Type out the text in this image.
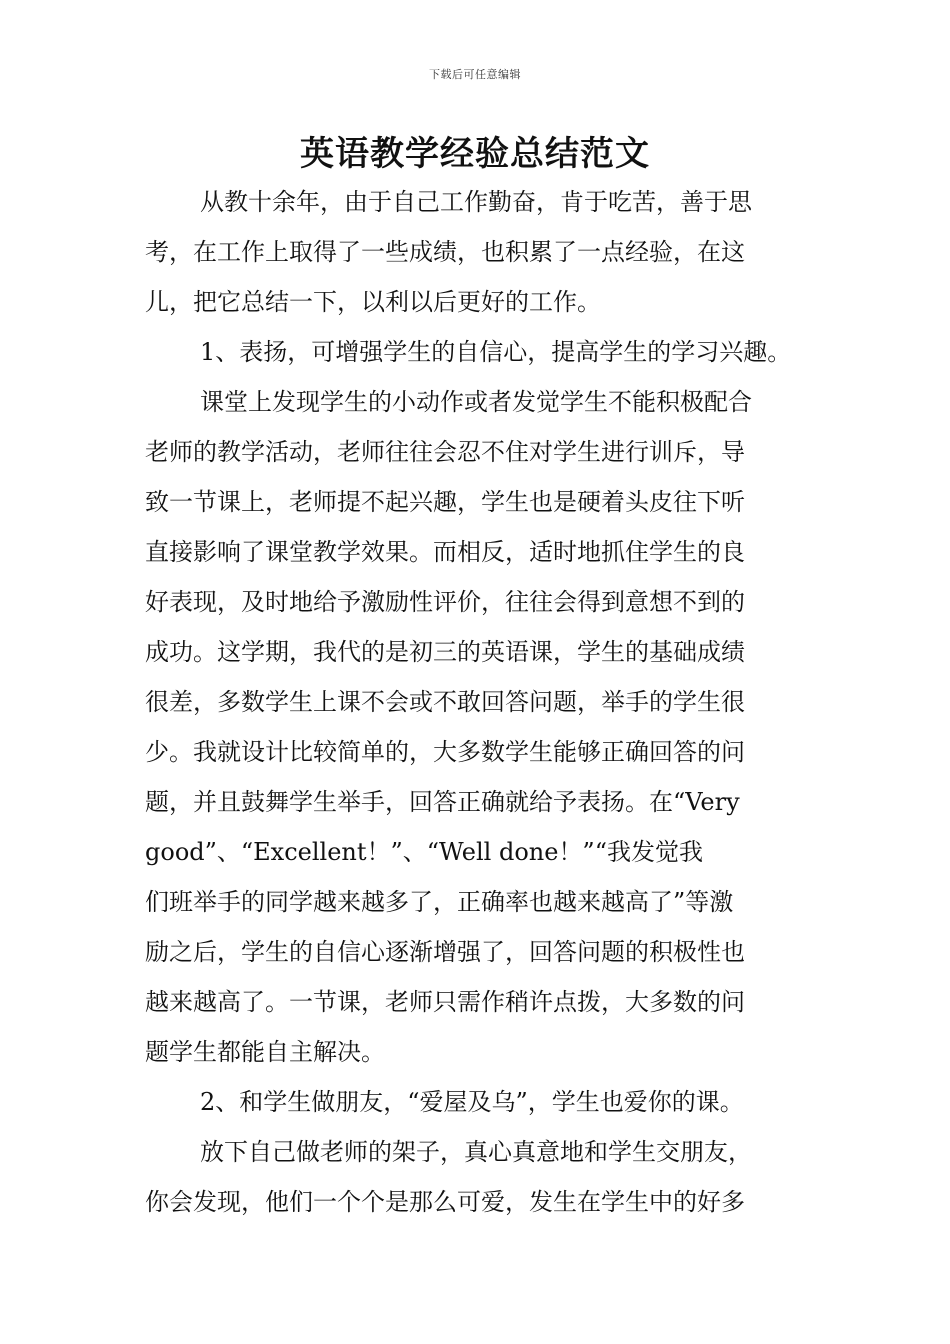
下载后可任意编辑
英语教学经验总结范文
从教十余年，由于自己工作勤奋，肯于吃苦，善于思
考，在工作上取得了一些成绩，也积累了一点经验，在这
儿，把它总结一下，以利以后更好的工作。
1、表扬，可增强学生的自信心，提高学生的学习兴趣。
课堂上发现学生的小动作或者发觉学生不能积极配合
老师的教学活动，老师往往会忍不住对学生进行训斥，导
致一节课上，老师提不起兴趣，学生也是硬着头皮往下听
直接影响了课堂教学效果。而相反，适时地抓住学生的良
好表现，及时地给予激励性评价，往往会得到意想不到的
成功。这学期，我代的是初三的英语课，学生的基础成绩
很差，多数学生上课不会或不敢回答问题，举手的学生很
少。我就设计比较简单的，大多数学生能够正确回答的问
题，并且鼓舞学生举手，回答正确就给予表扬。在“Very
good”、“Excellent！”、“Well done！”“我发觉我
们班举手的同学越来越多了，正确率也越来越高了”等激
励之后，学生的自信心逐渐增强了，回答问题的积极性也
越来越高了。一节课，老师只需作稍许点拨，大多数的问
题学生都能自主解决。
2、和学生做朋友，“爱屋及乌”，学生也爱你的课。
放下自己做老师的架子，真心真意地和学生交朋友，
你会发现，他们一个个是那么可爱，发生在学生中的好多
